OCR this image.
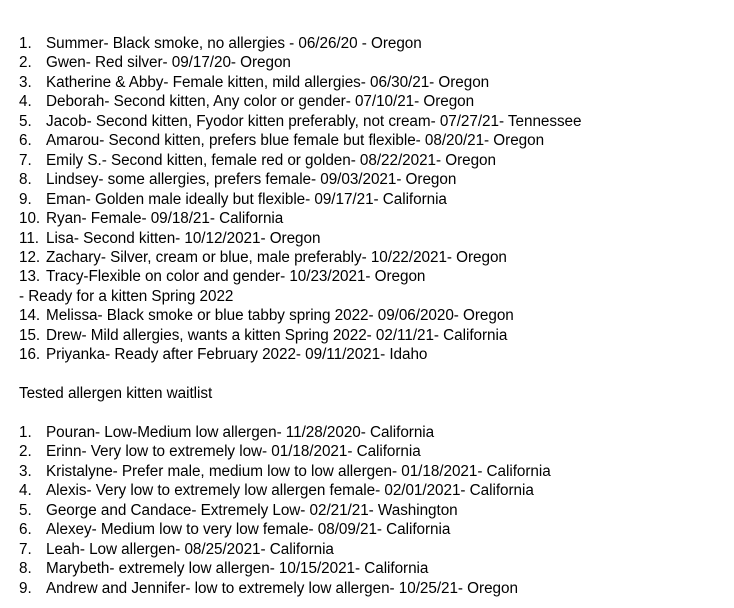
1. Summer- Black smoke, no allergies - 06/26/20 - Oregon
2. Gwen- Red silver- 09/17/20- Oregon
3. Katherine & Abby- Female kitten, mild allergies- 06/30/21- Oregon
4. Deborah- Second kitten, Any color or gender- 07/10/21- Oregon
5. Jacob- Second kitten, Fyodor kitten preferably, not cream- 07/27/21- Tennessee
6. Amarou- Second kitten, prefers blue female but flexible- 08/20/21- Oregon
7. Emily S.- Second kitten, female red or golden- 08/22/2021- Oregon
8. Lindsey- some allergies, prefers female- 09/03/2021- Oregon
9. Eman- Golden male ideally but flexible- 09/17/21- California
10. Ryan- Female- 09/18/21- California
11. Lisa- Second kitten- 10/12/2021- Oregon
12. Zachary- Silver, cream or blue, male preferably- 10/22/2021- Oregon
13. Tracy-Flexible on color and gender- 10/23/2021- Oregon
- Ready for a kitten Spring 2022
14. Melissa- Black smoke or blue tabby spring 2022- 09/06/2020- Oregon
15. Drew- Mild allergies, wants a kitten Spring 2022- 02/11/21- California
16. Priyanka- Ready after February 2022- 09/11/2021- Idaho
Tested allergen kitten waitlist
1. Pouran- Low-Medium low allergen- 11/28/2020- California
2. Erinn- Very low to extremely low- 01/18/2021- California
3. Kristalyne- Prefer male, medium low to low allergen- 01/18/2021- California
4. Alexis- Very low to extremely low allergen female- 02/01/2021- California
5. George and Candace- Extremely Low- 02/21/21- Washington
6. Alexey- Medium low to very low female- 08/09/21- California
7. Leah- Low allergen- 08/25/2021- California
8. Marybeth- extremely low allergen- 10/15/2021- California
9. Andrew and Jennifer- low to extremely low allergen- 10/25/21- Oregon
